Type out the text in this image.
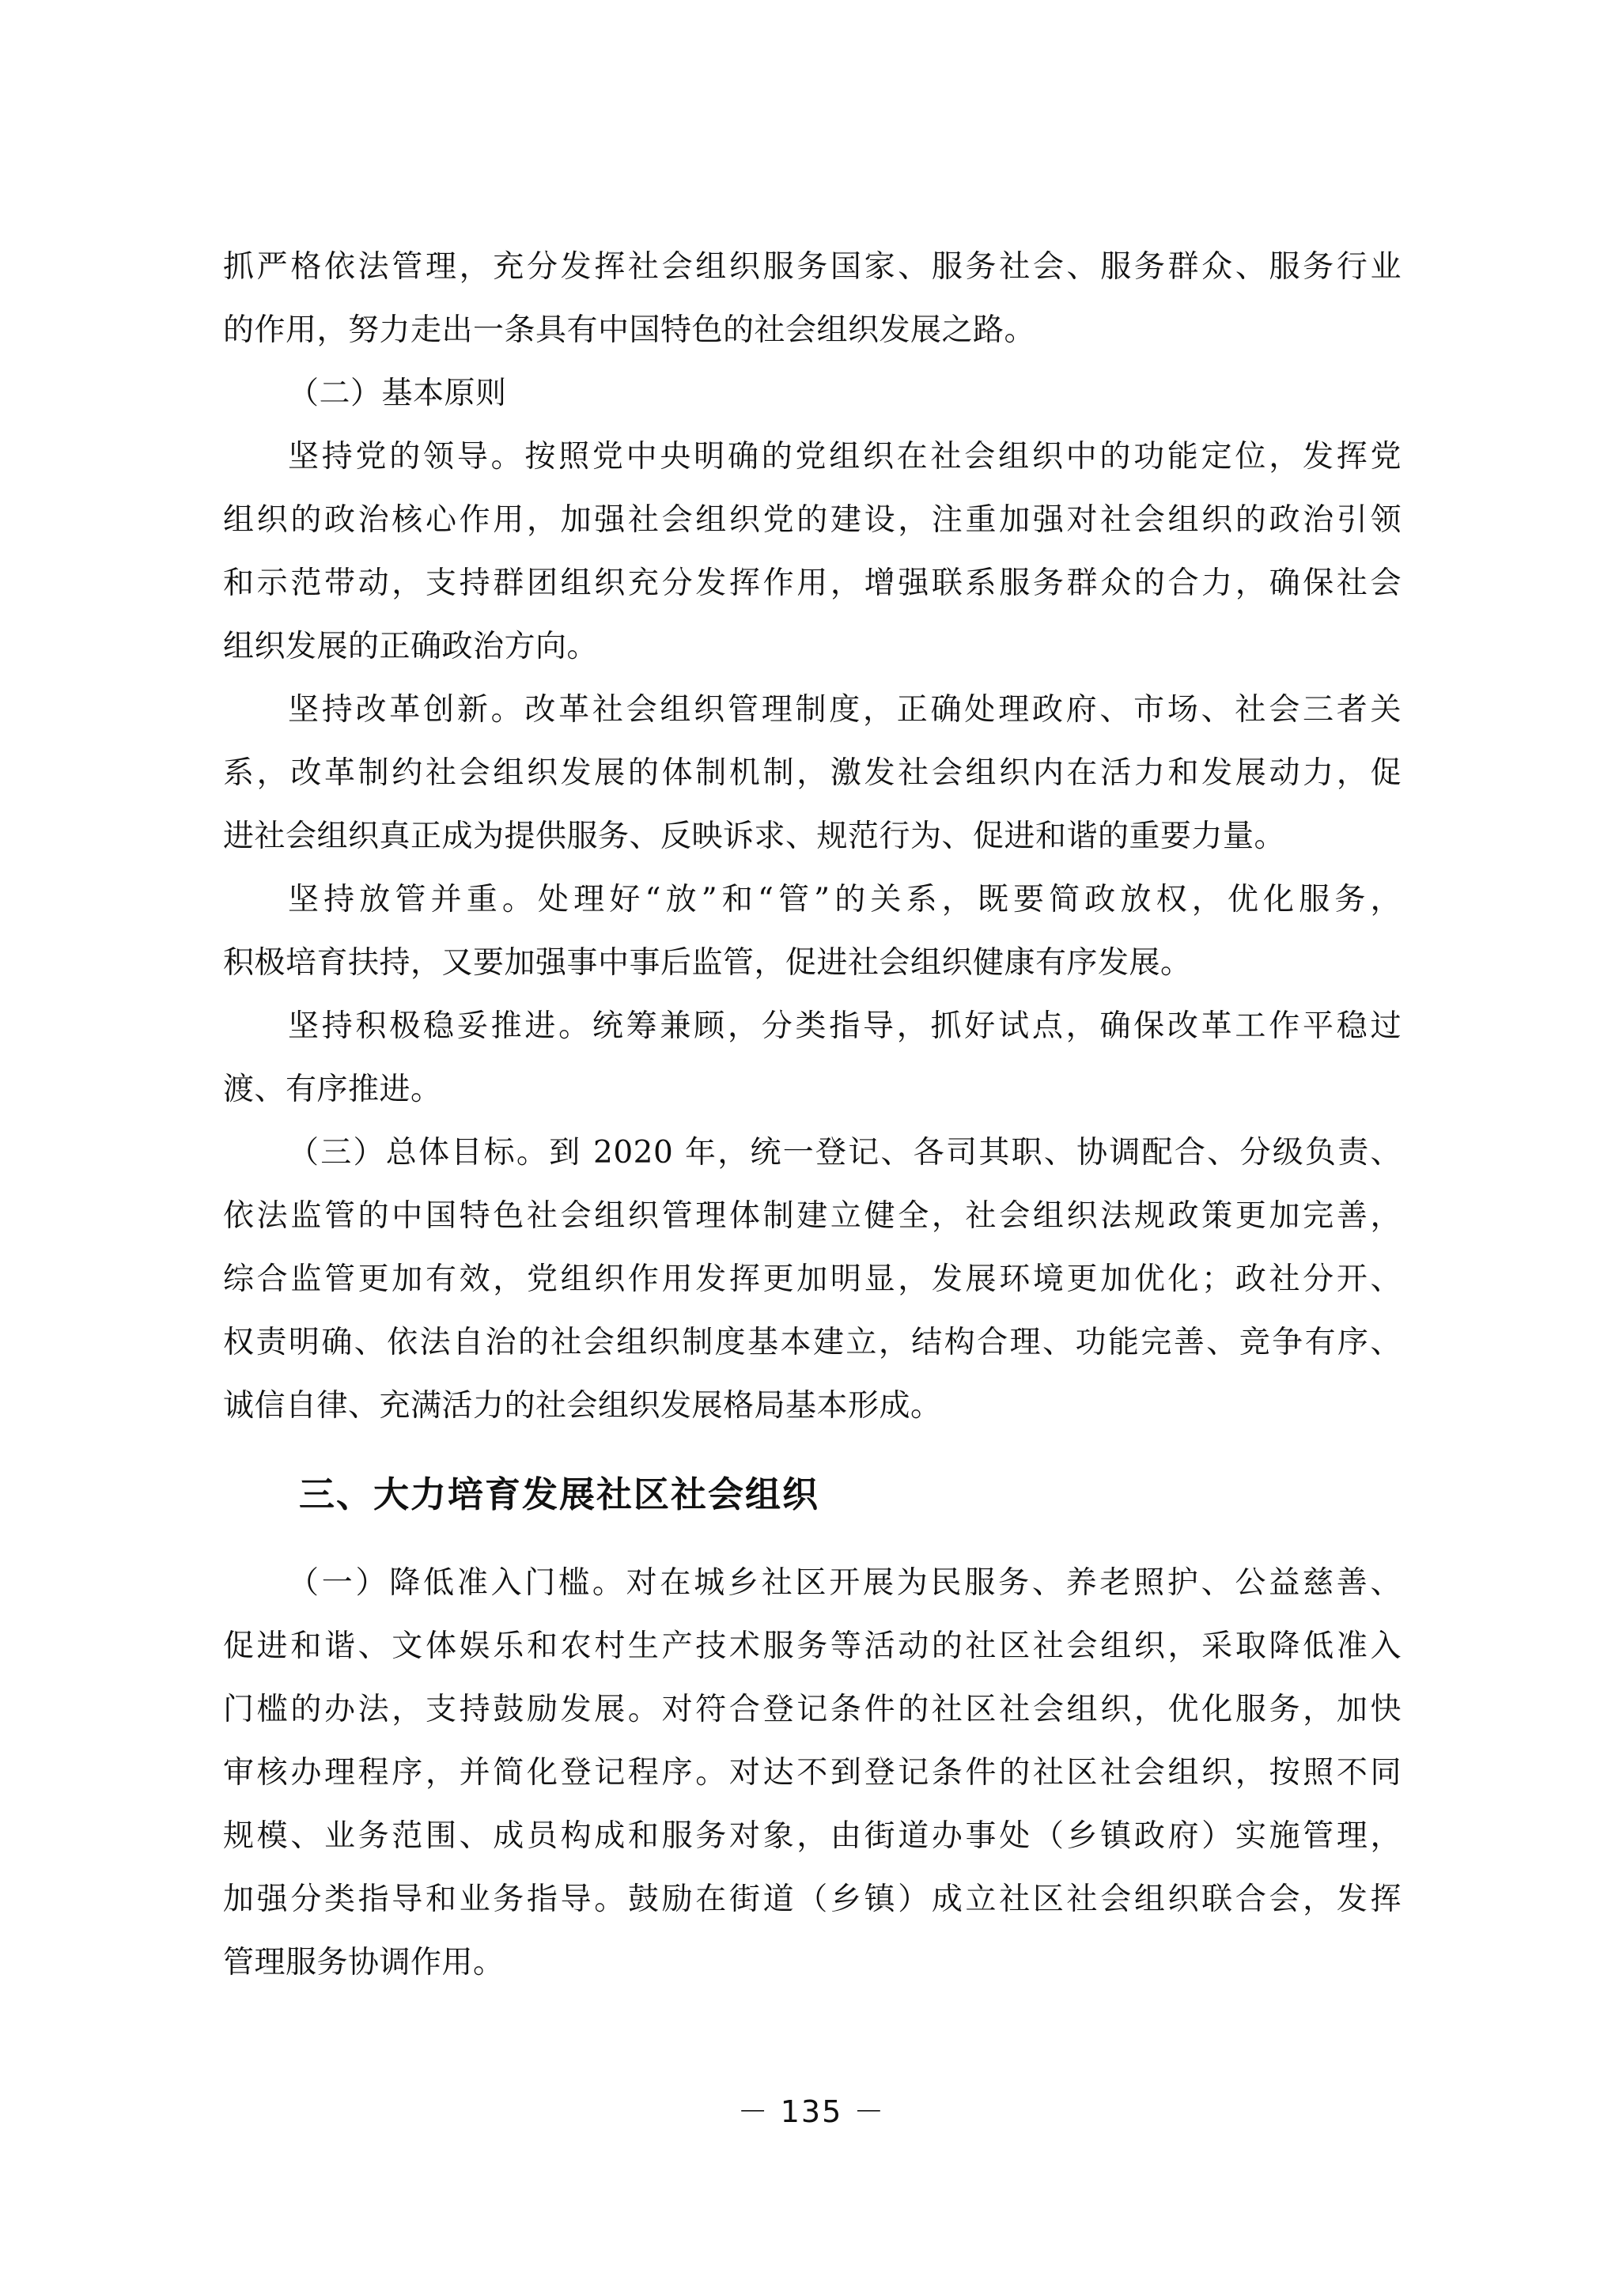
抓严格依法管理，充分发挥社会组织服务国家、服务社会、服务群众、服务行业
的作用，努力走出一条具有中国特色的社会组织发展之路。
（二）基本原则
坚持党的领导。按照党中央明确的党组织在社会组织中的功能定位，发挥党
组织的政治核心作用，加强社会组织党的建设，注重加强对社会组织的政治引领
和示范带动，支持群团组织充分发挥作用，增强联系服务群众的合力，确保社会
组织发展的正确政治方向。
坚持改革创新。改革社会组织管理制度，正确处理政府、市场、社会三者关
系，改革制约社会组织发展的体制机制，激发社会组织内在活力和发展动力，促
进社会组织真正成为提供服务、反映诉求、规范行为、促进和谐的重要力量。
坚持放管并重。处理好“放”和“管”的关系，既要简政放权，优化服务，
积极培育扶持，又要加强事中事后监管，促进社会组织健康有序发展。
坚持积极稳妥推进。统筹兼顾，分类指导，抓好试点，确保改革工作平稳过
渡、有序推进。
（三）总体目标。到 2020 年，统一登记、各司其职、协调配合、分级负责、
依法监管的中国特色社会组织管理体制建立健全，社会组织法规政策更加完善，
综合监管更加有效，党组织作用发挥更加明显，发展环境更加优化；政社分开、
权责明确、依法自治的社会组织制度基本建立，结构合理、功能完善、竞争有序、
诚信自律、充满活力的社会组织发展格局基本形成。
三、大力培育发展社区社会组织
（一）降低准入门槛。对在城乡社区开展为民服务、养老照护、公益慈善、
促进和谐、文体娱乐和农村生产技术服务等活动的社区社会组织，采取降低准入
门槛的办法，支持鼓励发展。对符合登记条件的社区社会组织，优化服务，加快
审核办理程序，并简化登记程序。对达不到登记条件的社区社会组织，按照不同
规模、业务范围、成员构成和服务对象，由街道办事处（乡镇政府）实施管理，
加强分类指导和业务指导。鼓励在街道（乡镇）成立社区社会组织联合会，发挥
管理服务协调作用。
－ 135 －
